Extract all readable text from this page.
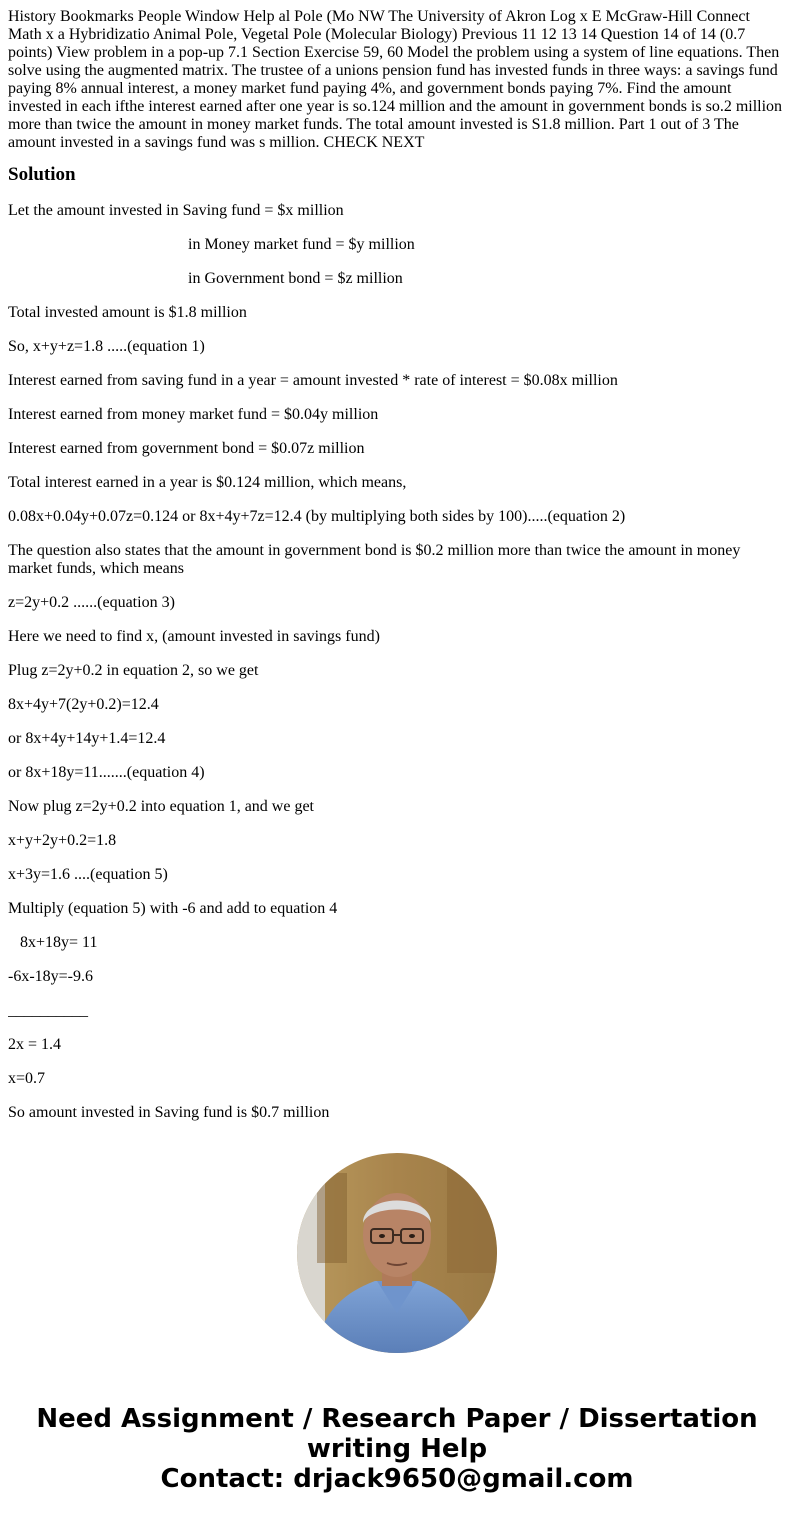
History Bookmarks People Window Help al Pole (Mo NW The University of Akron Log x E McGraw-Hill Connect Math x a Hybridizatio Animal Pole, Vegetal Pole (Molecular Biology) Previous 11 12 13 14 Question 14 of 14 (0.7 points) View problem in a pop-up 7.1 Section Exercise 59, 60 Model the problem using a system of line equations. Then solve using the augmented matrix. The trustee of a unions pension fund has invested funds in three ways: a savings fund paying 8% annual interest, a money market fund paying 4%, and government bonds paying 7%. Find the amount invested in each ifthe interest earned after one year is so.124 million and the amount in government bonds is so.2 million more than twice the amount in money market funds. The total amount invested is S1.8 million. Part 1 out of 3 The amount invested in a savings fund was s million. CHECK NEXT
Solution
Let the amount invested in Saving fund = $x million
in Money market fund = $y million
in Government bond = $z million
Total invested amount is $1.8 million
So, x+y+z=1.8 .....(equation 1)
Interest earned from saving fund in a year = amount invested * rate of interest = $0.08x million
Interest earned from money market fund = $0.04y million
Interest earned from government bond = $0.07z million
Total interest earned in a year is $0.124 million, which means,
0.08x+0.04y+0.07z=0.124 or 8x+4y+7z=12.4 (by multiplying both sides by 100).....(equation 2)
The question also states that the amount in government bond is $0.2 million more than twice the amount in money market funds, which means
z=2y+0.2 ......(equation 3)
Here we need to find x, (amount invested in savings fund)
Plug z=2y+0.2 in equation 2, so we get
8x+4y+7(2y+0.2)=12.4
or 8x+4y+14y+1.4=12.4
or 8x+18y=11.......(equation 4)
Now plug z=2y+0.2 into equation 1, and we get
x+y+2y+0.2=1.8
x+3y=1.6 ....(equation 5)
Multiply (equation 5) with -6 and add to equation 4
8x+18y= 11
-6x-18y=-9.6
__________
2x = 1.4
x=0.7
So amount invested in Saving fund is $0.7 million
Need Assignment / Research Paper / Dissertation
writing Help
Contact: drjack9650@gmail.com
